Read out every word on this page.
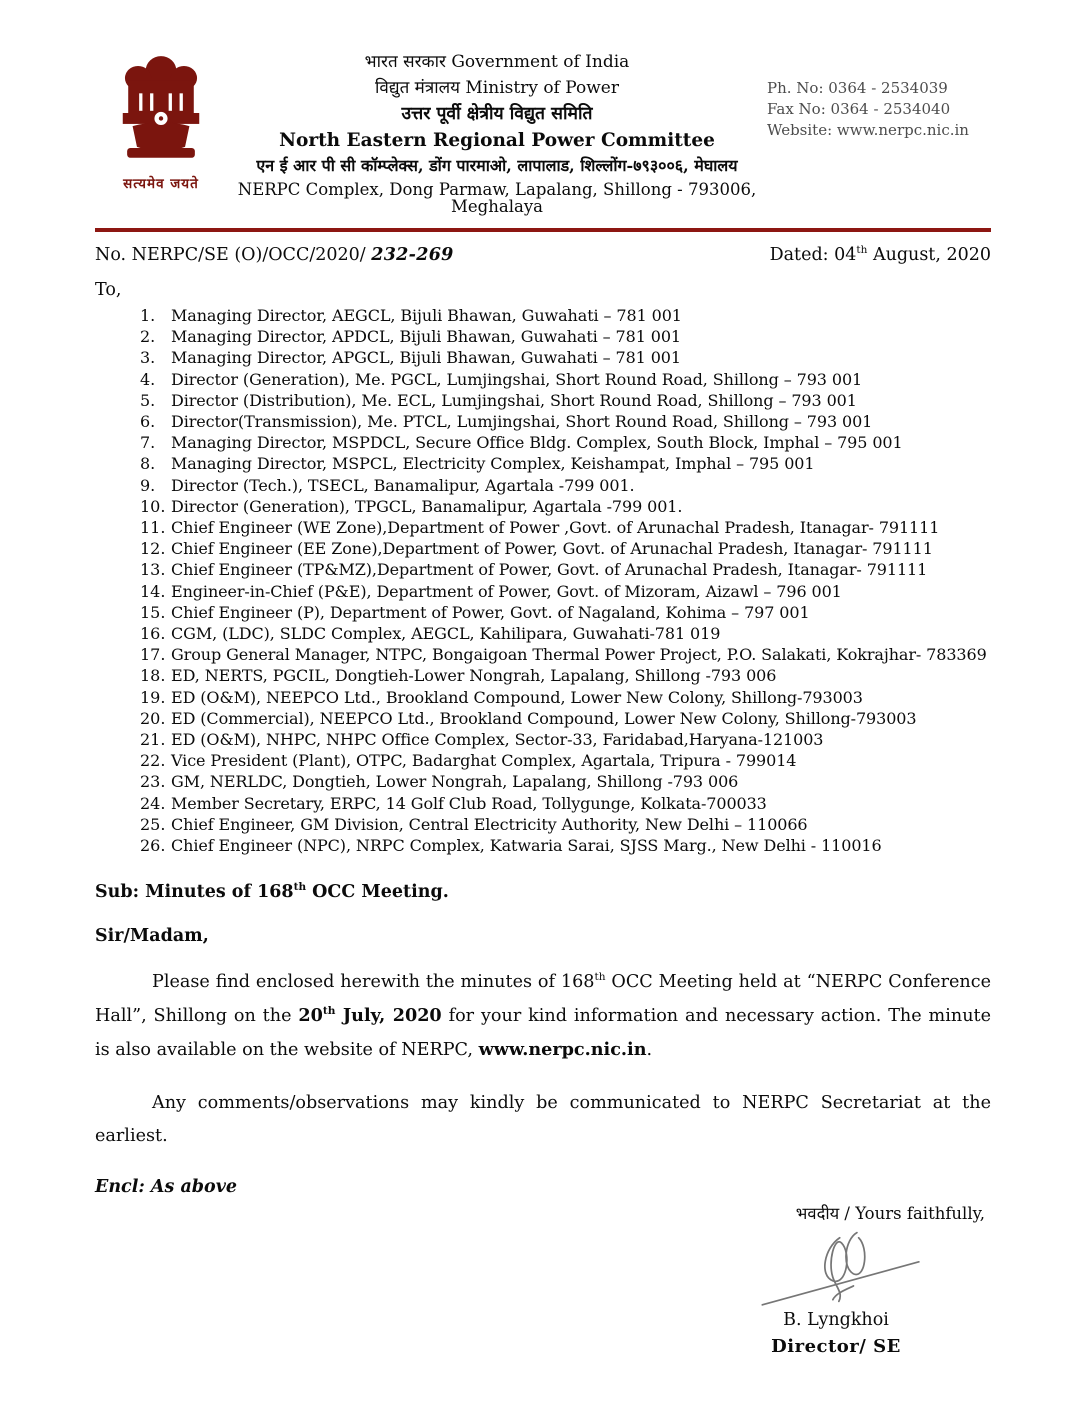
सत्यमेव जयते
भारत सरकार Government of India
विद्युत मंत्रालय Ministry of Power
उत्तर पूर्वी क्षेत्रीय विद्युत समिति
North Eastern Regional Power Committee
एन ई आर पी सी कॉम्प्लेक्स, डोंग पारमाओ, लापालाड, शिल्लोंग-७९३००६, मेघालय
NERPC Complex, Dong Parmaw, Lapalang, Shillong - 793006, Meghalaya
Ph. No: 0364 - 2534039
Fax No: 0364 - 2534040
Website: www.nerpc.nic.in
No. NERPC/SE (O)/OCC/2020/ 232-269	Dated: 04th August, 2020
To,
1. Managing Director, AEGCL, Bijuli Bhawan, Guwahati – 781 001
2. Managing Director, APDCL, Bijuli Bhawan, Guwahati – 781 001
3. Managing Director, APGCL, Bijuli Bhawan, Guwahati – 781 001
4. Director (Generation), Me. PGCL, Lumjingshai, Short Round Road, Shillong – 793 001
5. Director (Distribution), Me. ECL, Lumjingshai, Short Round Road, Shillong – 793 001
6. Director(Transmission), Me. PTCL, Lumjingshai, Short Round Road, Shillong – 793 001
7. Managing Director, MSPDCL, Secure Office Bldg. Complex, South Block, Imphal – 795 001
8. Managing Director, MSPCL, Electricity Complex, Keishampat, Imphal – 795 001
9. Director (Tech.), TSECL, Banamalipur, Agartala -799 001.
10. Director (Generation), TPGCL, Banamalipur, Agartala -799 001.
11. Chief Engineer (WE Zone),Department of Power ,Govt. of Arunachal Pradesh, Itanagar- 791111
12. Chief Engineer (EE Zone),Department of Power, Govt. of Arunachal Pradesh, Itanagar- 791111
13. Chief Engineer (TP&MZ),Department of Power, Govt. of Arunachal Pradesh, Itanagar- 791111
14. Engineer-in-Chief (P&E), Department of Power, Govt. of Mizoram, Aizawl – 796 001
15. Chief Engineer (P), Department of Power, Govt. of Nagaland, Kohima – 797 001
16. CGM, (LDC), SLDC Complex, AEGCL, Kahilipara, Guwahati-781 019
17. Group General Manager, NTPC, Bongaigoan Thermal Power Project, P.O. Salakati, Kokrajhar- 783369
18. ED, NERTS, PGCIL, Dongtieh-Lower Nongrah, Lapalang, Shillong -793 006
19. ED (O&M), NEEPCO Ltd., Brookland Compound, Lower New Colony, Shillong-793003
20. ED (Commercial), NEEPCO Ltd., Brookland Compound, Lower New Colony, Shillong-793003
21. ED (O&M), NHPC, NHPC Office Complex, Sector-33, Faridabad,Haryana-121003
22. Vice President (Plant), OTPC, Badarghat Complex, Agartala, Tripura - 799014
23. GM, NERLDC, Dongtieh, Lower Nongrah, Lapalang, Shillong -793 006
24. Member Secretary, ERPC, 14 Golf Club Road, Tollygunge, Kolkata-700033
25. Chief Engineer, GM Division, Central Electricity Authority, New Delhi – 110066
26. Chief Engineer (NPC), NRPC Complex, Katwaria Sarai, SJSS Marg., New Delhi - 110016
Sub: Minutes of 168th OCC Meeting.
Sir/Madam,

Please find enclosed herewith the minutes of 168th OCC Meeting held at “NERPC Conference Hall”, Shillong on the 20th July, 2020 for your kind information and necessary action. The minute is also available on the website of NERPC, www.nerpc.nic.in.

Any comments/observations may kindly be communicated to NERPC Secretariat at the earliest.

Encl: As above
भवदीय / Yours faithfully,
B. Lyngkhoi
Director/ SE
